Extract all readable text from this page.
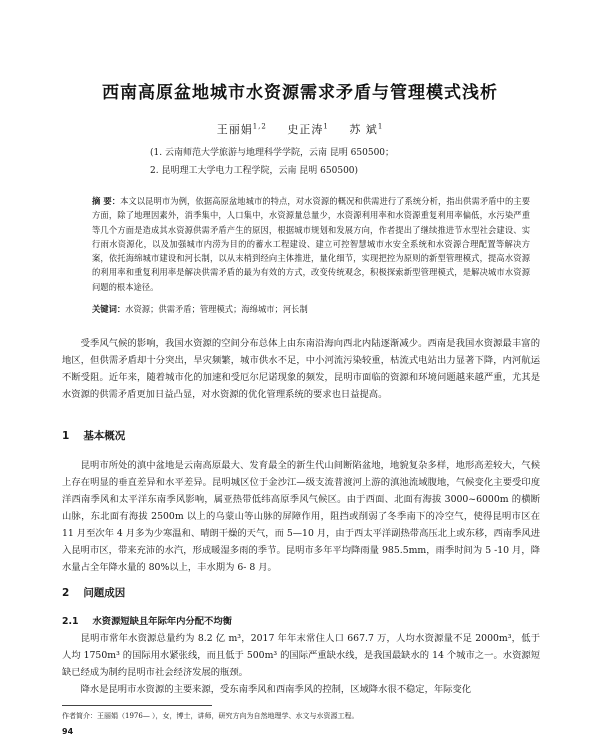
西南高原盆地城市水资源需求矛盾与管理模式浅析
王丽娟$^{1,2}$ 史正涛$^1$ 苏 斌$^1$
(1. 云南师范大学旅游与地理科学学院，云南 昆明 650500；
2. 昆明理工大学电力工程学院，云南 昆明 650500)
摘 要：本文以昆明市为例，依据高原盆地城市的特点，对水资源的概况和供需进行了系统分析，指出供需矛盾中的主要方面，除了地理因素外，消季集中，人口集中，水资源量总量少，水资源利用率和水资源重复利用率偏低，水污染严重等几个方面是造成其水资源供需矛盾产生的原因，根据城市规划和发展方向，作者提出了继续推进节水型社会建设、实行雨水资源化，以及加强城市内涝为目的的蓄水工程建设、建立可控智慧城市水安全系统和水资源合理配置等解决方案，依托海绵城市建设和河长制，以从末梢到经向主体推进，量化细节，实现把控为原则的新型管理模式，提高水资源的利用率和重复利用率是解决供需矛盾的最为有效的方式，改变传统观念，积极探索新型管理模式，是解决城市水资源问题的根本途径。
关键词：水资源；供需矛盾；管理模式；海绵城市；河长制
受季风气候的影响，我国水资源的空间分布总体上由东南沿海向西北内陆逐渐减少。西南是我国水资源最丰富的地区，但供需矛盾却十分突出，旱灾频繁，城市供水不足，中小河流污染较重，枯流式电站出力显著下降，内河航运不断受阻。近年来，随着城市化的加速和受厄尔尼诺现象的频发，昆明市面临的资源和环境问题越来越严重，尤其是水资源的供需矛盾更加日益凸显，对水资源的优化管理系统的要求也日益提高。
1 基本概况
昆明市所处的滇中盆地是云南高原最大、发育最全的新生代山间断陷盆地，地貌复杂多样，地形高差较大，气候上存在明显的垂直差异和水平差异。昆明城区位于金沙江—级支流普渡河上游的滇池流域腹地，气候变化主要受印度洋西南季风和太平洋东南季风影响，属亚热带低纬高原季风气候区。由于西面、北面有海拔 3000~6000m 的横断山脉，东北面有海拔 2500m 以上的乌蒙山等山脉的屏障作用，阻挡或削弱了冬季南下的冷空气，使得昆明市区在 11 月至次年 4 月多为少寒温和、晴朗干燥的天气，而 5—10 月，由于西太平洋副热带高压北上或东移，西南季风进入昆明市区，带来充沛的水汽，形成暖湿多雨的季节。昆明市多年平均降雨量 985.5mm，雨季时间为 5 -10 月，降水量占全年降水量的 80%以上，丰水期为 6- 8 月。
2 问题成因
2.1 水资源短缺且年际年内分配不均衡
昆明市常年水资源总量约为 8.2 亿 m³，2017 年年末常住人口 667.7 万，人均水资源量不足 2000m³，低于人均 1750m³ 的国际用水紧张线，而且低于 500m³ 的国际严重缺水线，是我国最缺水的 14 个城市之一。水资源短缺已经成为制约昆明市社会经济发展的瓶颈。
降水是昆明市水资源的主要来源，受东南季风和西南季风的控制，区域降水很不稳定，年际变化
作者简介：王丽娟（1976— ），女，博士，讲师，研究方向为自然地理学、水文与水资源工程。
94
